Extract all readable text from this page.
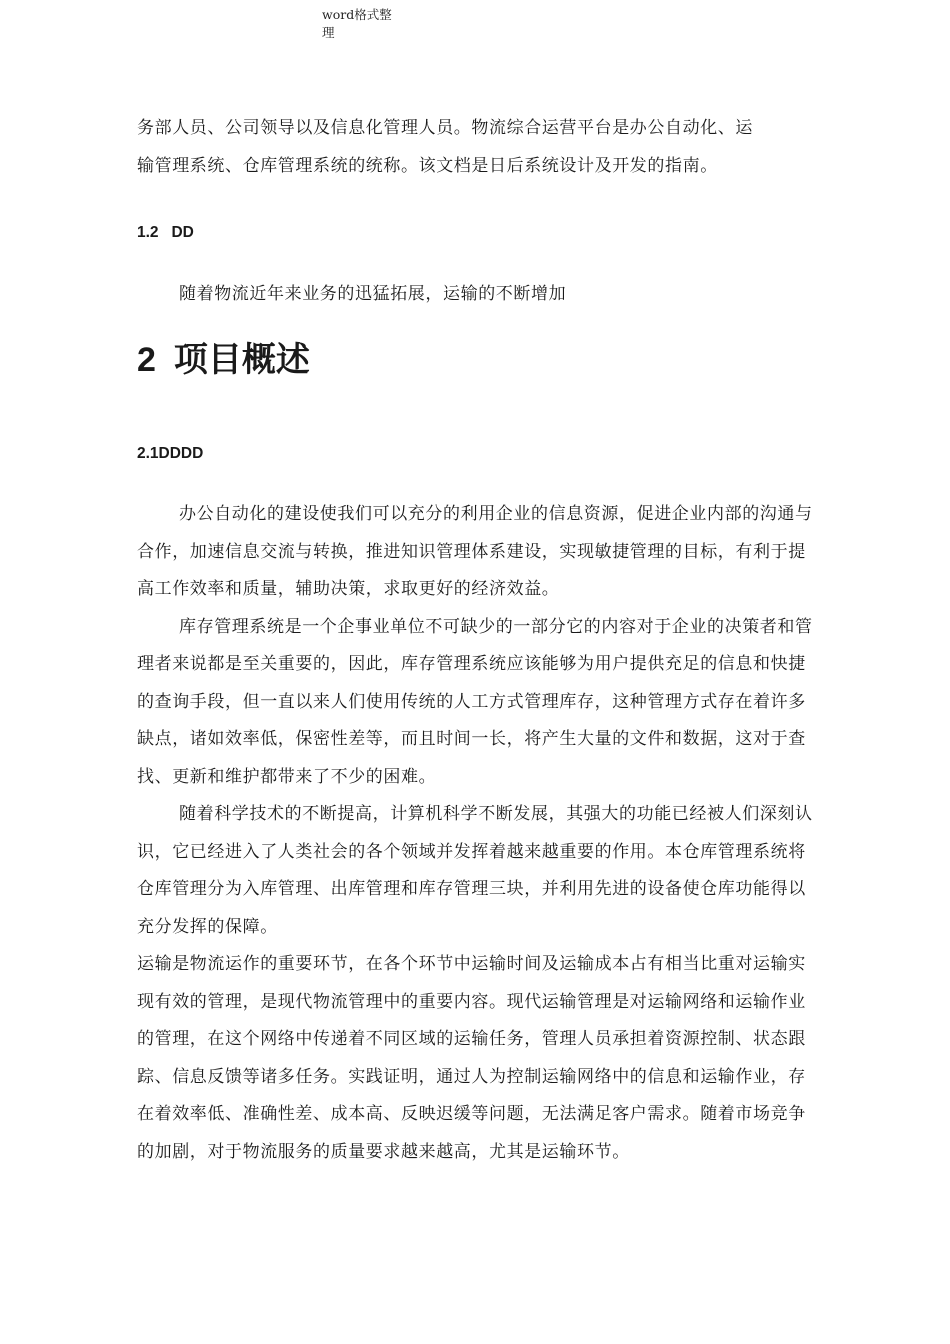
word格式整
理

务部人员、公司领导以及信息化管理人员。物流综合运营平台是办公自动化、运

输管理系统、仓库管理系统的统称。该文档是日后系统设计及开发的指南。

1.2   DD

随着物流近年来业务的迅猛拓展，运输的不断增加

2 项目概述
2.1DDDD

办公自动化的建设使我们可以充分的利用企业的信息资源，促进企业内部的沟通与合作，加速信息交流与转换，推进知识管理体系建设，实现敏捷管理的目标，有利于提高工作效率和质量，辅助决策，求取更好的经济效益。

库存管理系统是一个企事业单位不可缺少的一部分它的内容对于企业的决策者和管理者来说都是至关重要的，因此，库存管理系统应该能够为用户提供充足的信息和快捷的查询手段，但一直以来人们使用传统的人工方式管理库存，这种管理方式存在着许多缺点，诸如效率低，保密性差等，而且时间一长，将产生大量的文件和数据，这对于查找、更新和维护都带来了不少的困难。

随着科学技术的不断提高，计算机科学不断发展，其强大的功能已经被人们深刻认识，它已经进入了人类社会的各个领域并发挥着越来越重要的作用。本仓库管理系统将仓库管理分为入库管理、出库管理和库存管理三块，并利用先进的设备使仓库功能得以充分发挥的保障。

运输是物流运作的重要环节，在各个环节中运输时间及运输成本占有相当比重对运输实现有效的管理，是现代物流管理中的重要内容。现代运输管理是对运输网络和运输作业的管理，在这个网络中传递着不同区域的运输任务，管理人员承担着资源控制、状态跟踪、信息反馈等诸多任务。实践证明，通过人为控制运输网络中的信息和运输作业，存在着效率低、准确性差、成本高、反映迟缓等问题，无法满足客户需求。随着市场竞争的加剧，对于物流服务的质量要求越来越高，尤其是运输环节。
